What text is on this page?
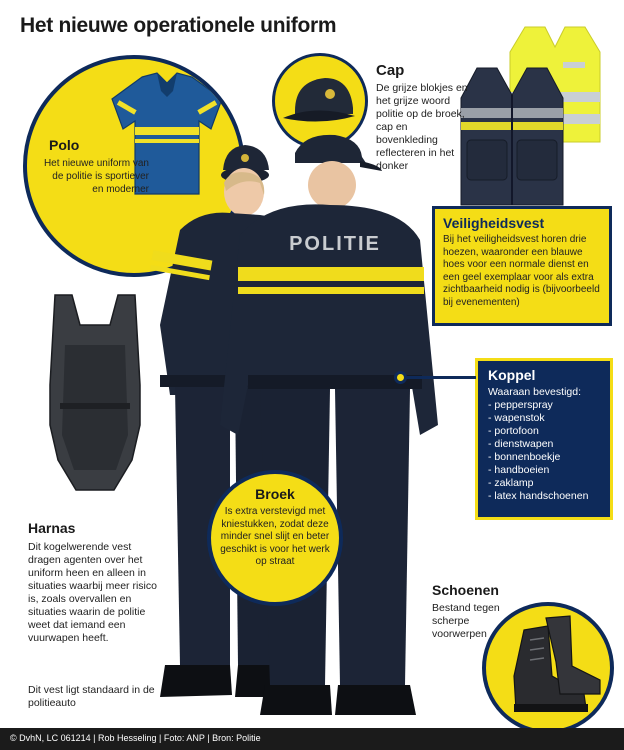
Het nieuwe operationele uniform
Cap
De grijze blokjes en het grijze woord politie op de broek, cap en bovenkleding reflecteren in het donker
Polo
Het nieuwe uniform van de politie is sportiever en moderner
Veiligheidsvest
Bij het veiligheidsvest horen drie hoezen, waaronder een blauwe hoes voor een normale dienst en een geel exemplaar voor als extra zichtbaarheid nodig is (bijvoorbeeld bij evenementen)
POLITIE
Koppel
Waaraan bevestigd:
- pepperspray
- wapenstok
- portofoon
- dienstwapen
- bonnenboekje
- handboeien
- zaklamp
- latex handschoenen
Broek
Is extra verstevigd met kniestukken, zodat deze minder snel slijt en beter geschikt is voor het werk op straat
Harnas
Dit kogelwerende vest dragen agenten over het uniform heen en alleen in situaties waarbij meer risico is, zoals overvallen en situaties waarin de politie weet dat iemand een vuurwapen heeft.
Dit vest ligt standaard in de politieauto
Schoenen
Bestand tegen scherpe voorwerpen
© DvhN, LC 061214 | Rob Hesseling | Foto: ANP | Bron: Politie
